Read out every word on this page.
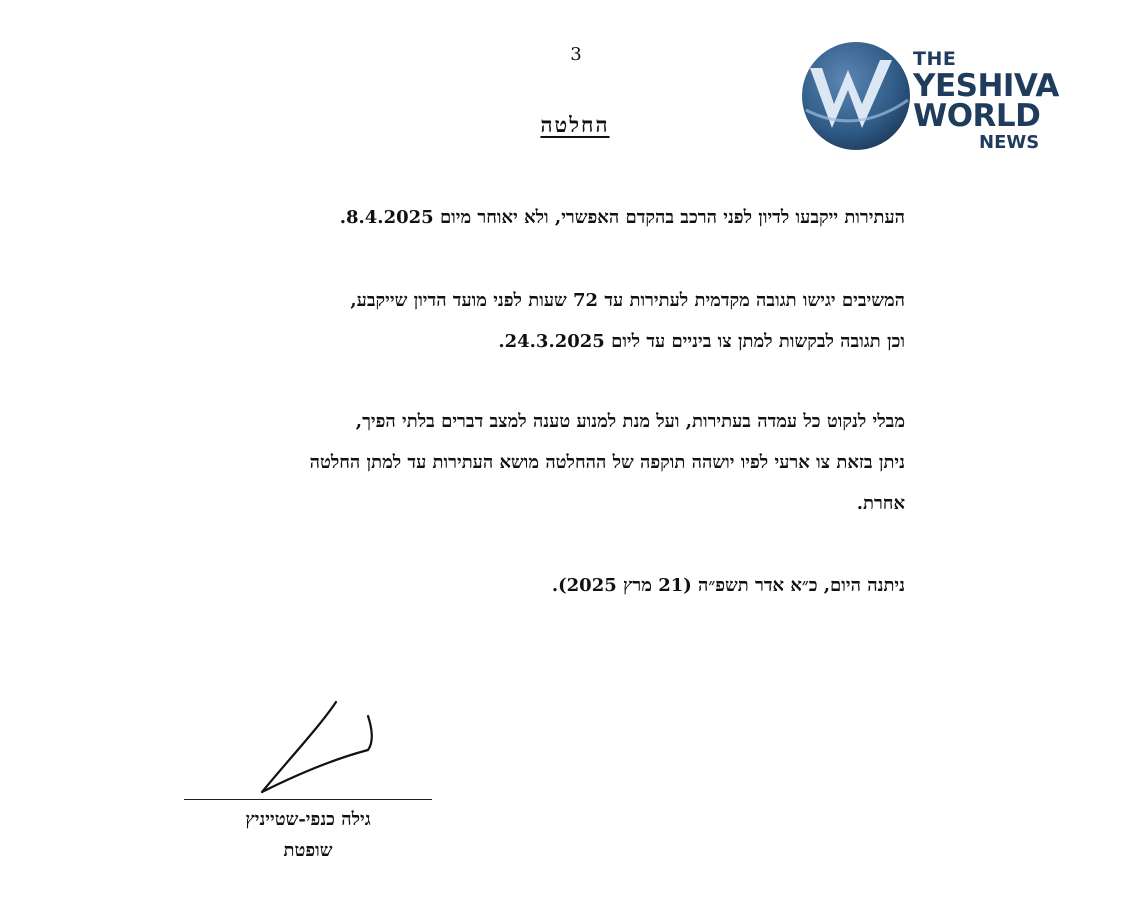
3	THE
YESHIVA
WORLD
NEWS
החלטה
העתירות ייקבעו לדיון לפני הרכב בהקדם האפשרי, ולא יאוחר מיום 8.4.2025.
המשיבים יגישו תגובה מקדמית לעתירות עד 72 שעות לפני מועד הדיון שייקבע,
וכן תגובה לבקשות למתן צו ביניים עד ליום 24.3.2025.
מבלי לנקוט כל עמדה בעתירות, ועל מנת למנוע טענה למצב דברים בלתי הפיך,
ניתן בזאת צו ארעי לפיו יושהה תוקפה של ההחלטה מושא העתירות עד למתן החלטה
אחרת.
ניתנה היום, כ״א אדר תשפ״ה (21 מרץ 2025).
גילה כנפי-שטייניץ
שופטת
